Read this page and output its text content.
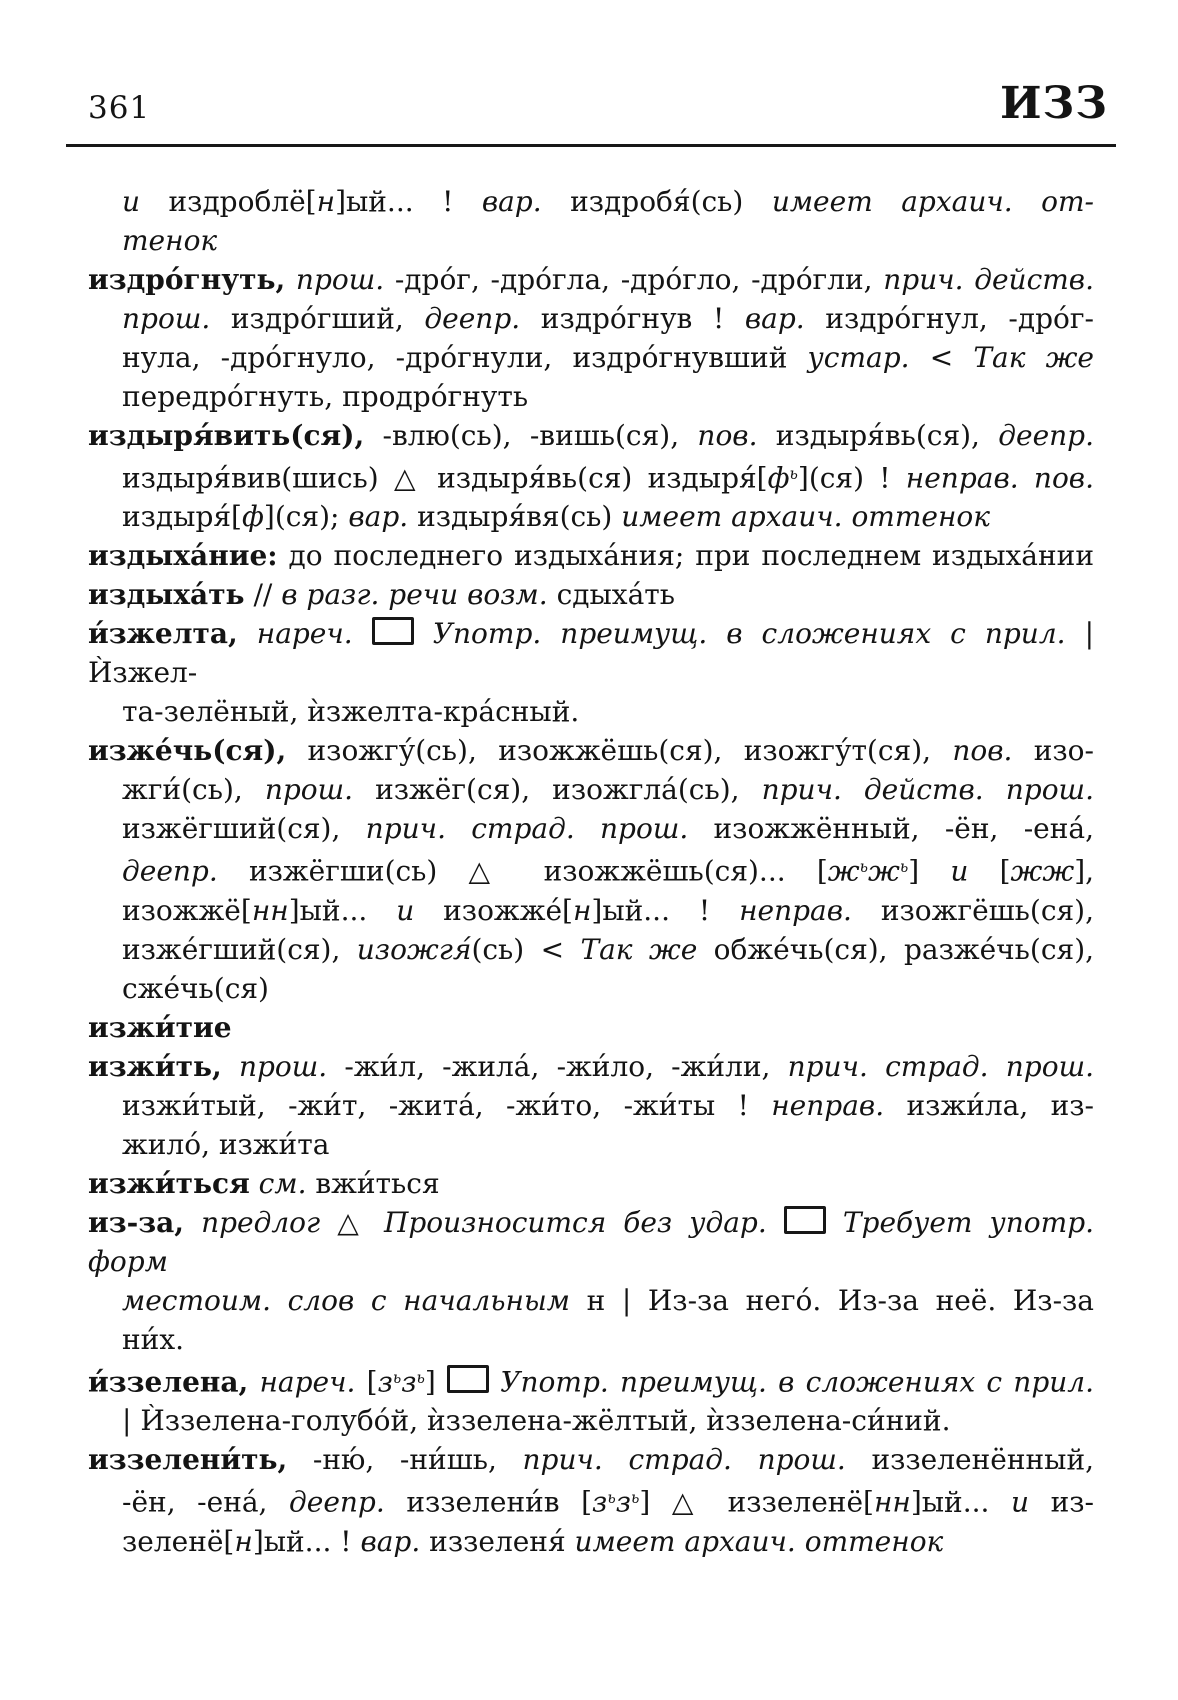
361	ИЗЗ
и издроблё[н]ый... ! вар. издробя́(сь) имеет архаич. от-
тенок
издро́гнуть, прош. -дро́г, -дро́гла, -дро́гло, -дро́гли, прич. действ.
прош. издро́гший, деепр. издро́гнув ! вар. издро́гнул, -дро́г-
нула, -дро́гнуло, -дро́гнули, издро́гнувший устар. < Так же
передро́гнуть, продро́гнуть
издыря́вить(ся), -влю(сь), -вишь(ся), пов. издыря́вь(ся), деепр.
издыря́вив(шись) △ издыря́вь(ся) $издыря́[ф^ь](ся)$ ! неправ. пов.
издыря́[ф](ся); вар. издыря́вя(сь) имеет архаич. оттенок
издыха́ние: до последнего издыха́ния; при последнем издыха́нии
издыха́ть // в разг. речи возм. сдыха́ть
и́зжелта, нареч.	Употр. преимущ. в сложениях с прил. | Ѝзжел-
та-зелёный, ѝзжелта-кра́сный.
изже́чь(ся), изожгу́(сь), изожжёшь(ся), изожгу́т(ся), пов. изо-
жги́(сь), прош. изжёг(ся), изожгла́(сь), прич. действ. прош.
изжёгший(ся), прич. страд. прош. изожжённый, -ён, -ена́,
деепр. изжёгши(сь) △ изожжёшь(ся)... $[ж^ьж^ь]$ и [жж],
изожжё[нн]ый... и изожже́[н]ый... ! неправ. изожгёшь(ся),
изже́гший(ся), изожгя́(сь) < Так же обже́чь(ся), разже́чь(ся),
сже́чь(ся)
изжи́тие
изжи́ть, прош. -жи́л, -жила́, -жи́ло, -жи́ли, прич. страд. прош.
изжи́тый, -жи́т, -жита́, -жи́то, -жи́ты ! неправ. изжи́ла, из-
жило́, изжи́та
изжи́ться см. вжи́ться
из-за, предлог △ Произносится без удар.	Требует употр. форм
местоим. слов с начальным н | Из-за него́. Из-за неё. Из-за
ни́х.
и́ззелена, нареч. $[з^ьз^ь]$  Употр. преимущ. в сложениях с прил.
| Ѝззелена-голубо́й, ѝззелена-жёлтый, ѝззелена-си́ний.
иззелени́ть, -ню́, -ни́шь, прич. страд. прош. иззеленённый,
-ён, -ена́, деепр. иззелени́в $[з^ьз^ь]$ △ иззеленё[нн]ый... и из-
зеленё[н]ый... ! вар. иззеленя́ имеет архаич. оттенок
